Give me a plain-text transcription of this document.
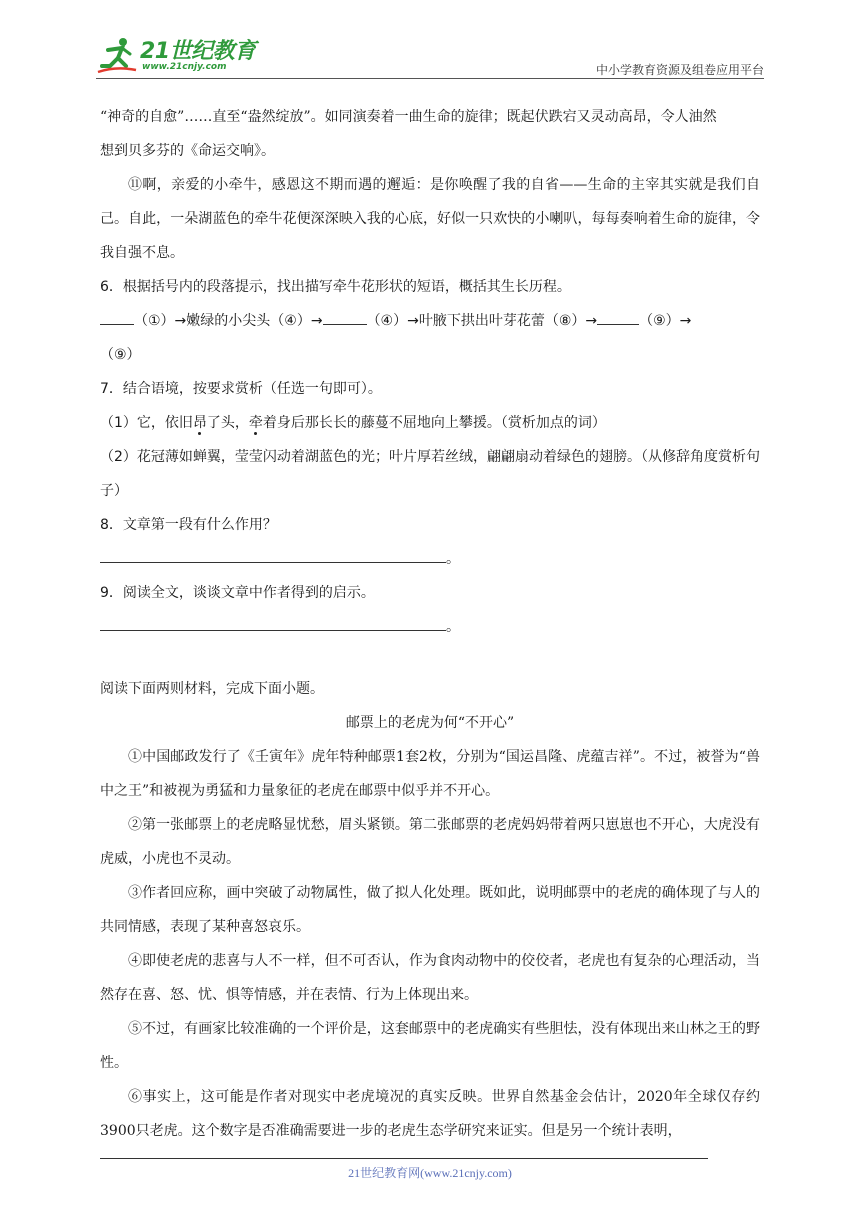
21世纪教育
www.21cnjy.com	中小学教育资源及组卷应用平台

“神奇的自愈”……直至“盎然绽放”。如同演奏着一曲生命的旋律；既起伏跌宕又灵动高昂，令人油然

想到贝多芬的《命运交响》。

⑪啊，亲爱的小牵牛，感恩这不期而遇的邂逅：是你唤醒了我的自省——生命的主宰其实就是我们自己。自此，一朵湖蓝色的牵牛花便深深映入我的心底，好似一只欢快的小喇叭，每每奏响着生命的旋律，令我自强不息。

6．根据括号内的段落提示，找出描写牵牛花形状的短语，概括其生长历程。

（①）→嫩绿的小尖头（④）→	（④）→叶腋下拱出叶芽花蕾（⑧）→	（⑨）→
（⑨）

7．结合语境，按要求赏析（任选一句即可）。

（1）它，依旧昂了头，牵着身后那长长的藤蔓不屈地向上攀援。（赏析加点的词）

（2）花冠薄如蝉翼，莹莹闪动着湖蓝色的光；叶片厚若丝绒，翩翩扇动着绿色的翅膀。（从修辞角度赏析句子）

8．文章第一段有什么作用？

。

9．阅读全文，谈谈文章中作者得到的启示。

。

阅读下面两则材料，完成下面小题。

邮票上的老虎为何“不开心”

①中国邮政发行了《壬寅年》虎年特种邮票1套2枚，分别为“国运昌隆、虎蕴吉祥”。不过，被誉为“兽中之王”和被视为勇猛和力量象征的老虎在邮票中似乎并不开心。

②第一张邮票上的老虎略显忧愁，眉头紧锁。第二张邮票的老虎妈妈带着两只崽崽也不开心，大虎没有虎威，小虎也不灵动。

③作者回应称，画中突破了动物属性，做了拟人化处理。既如此，说明邮票中的老虎的确体现了与人的共同情感，表现了某种喜怒哀乐。

④即使老虎的悲喜与人不一样，但不可否认，作为食肉动物中的佼佼者，老虎也有复杂的心理活动，当然存在喜、怒、忧、惧等情感，并在表情、行为上体现出来。

⑤不过，有画家比较准确的一个评价是，这套邮票中的老虎确实有些胆怯，没有体现出来山林之王的野性。

⑥事实上，这可能是作者对现实中老虎境况的真实反映。世界自然基金会估计，2020年全球仅存约3900只老虎。这个数字是否准确需要进一步的老虎生态学研究来证实。但是另一个统计表明，

21世纪教育网(www.21cnjy.com)
